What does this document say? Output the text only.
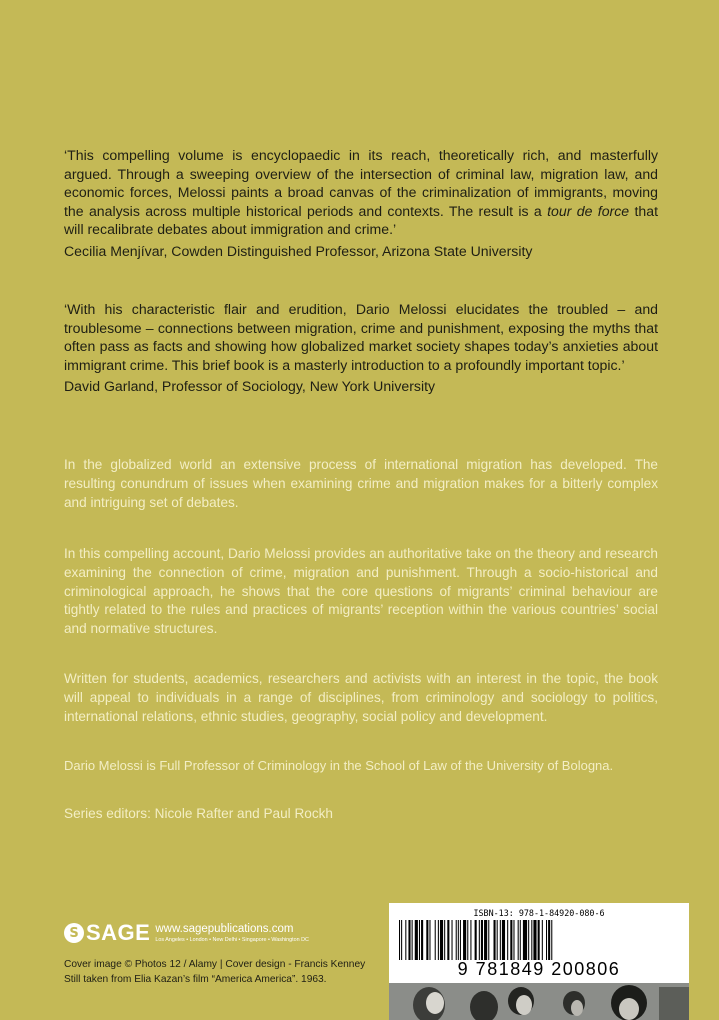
‘This compelling volume is encyclopaedic in its reach, theoretically rich, and masterfully argued. Through a sweeping overview of the intersection of criminal law, migration law, and economic forces, Melossi paints a broad canvas of the criminalization of immigrants, moving the analysis across multiple historical periods and contexts. The result is a tour de force that will recalibrate debates about immigration and crime.’

Cecilia Menjívar, Cowden Distinguished Professor, Arizona State University

‘With his characteristic flair and erudition, Dario Melossi elucidates the troubled – and troublesome – connections between migration, crime and punishment, exposing the myths that often pass as facts and showing how globalized market society shapes today’s anxieties about immigrant crime. This brief book is a masterly introduction to a profoundly important topic.’

David Garland, Professor of Sociology, New York University

In the globalized world an extensive process of international migration has developed. The resulting conundrum of issues when examining crime and migration makes for a bitterly complex and intriguing set of debates.

In this compelling account, Dario Melossi provides an authoritative take on the theory and research examining the connection of crime, migration and punishment. Through a socio-historical and criminological approach, he shows that the core questions of migrants’ criminal behaviour are tightly related to the rules and practices of migrants’ reception within the various countries’ social and normative structures.

Written for students, academics, researchers and activists with an interest in the topic, the book will appeal to individuals in a range of disciplines, from criminology and sociology to politics, international relations, ethnic studies, geography, social policy and development.

Dario Melossi is Full Professor of Criminology in the School of Law of the University of Bologna.

Series editors: Nicole Rafter and Paul Rockh

S SAGE www.sagepublications.com
Los Angeles • London • New Delhi • Singapore • Washington DC
Cover image © Photos 12 / Alamy | Cover design - Francis Kenney
Still taken from Elia Kazan’s film “America America”. 1963.
ISBN-13: 978-1-84920-080-6
9 781849 200806
